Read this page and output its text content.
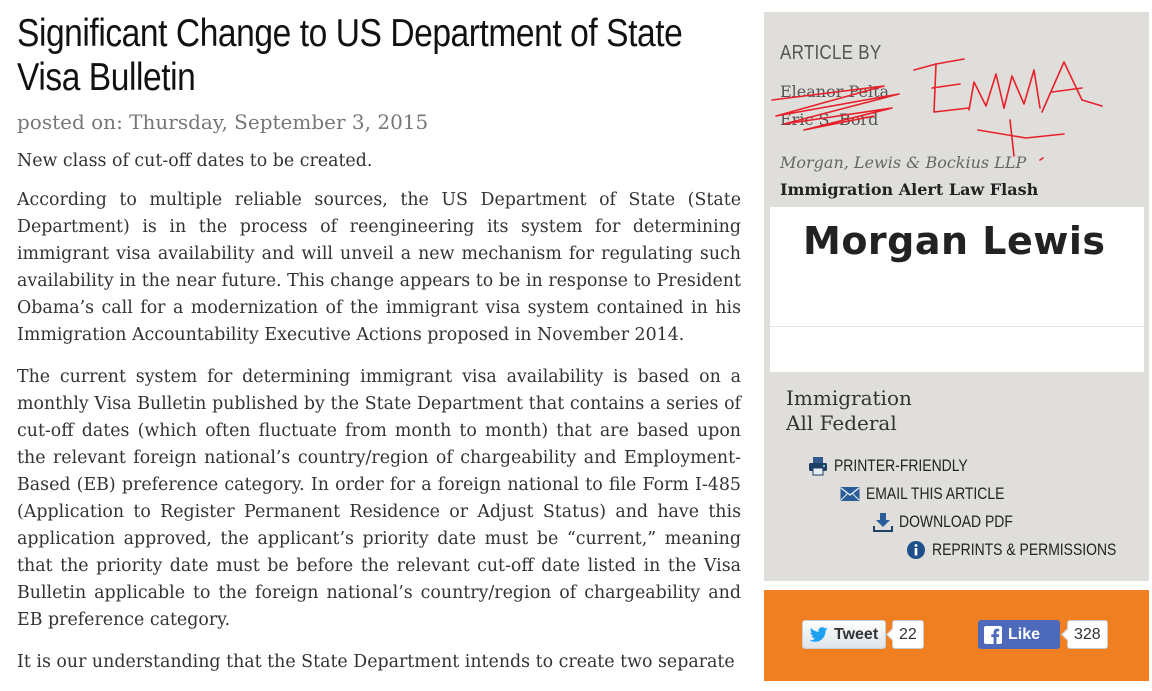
Significant Change to US Department of State Visa Bulletin
posted on: Thursday, September 3, 2015

New class of cut-off dates to be created.

According to multiple reliable sources, the US Department of State (State Department) is in the process of reengineering its system for determining immigrant visa availability and will unveil a new mechanism for regulating such availability in the near future. This change appears to be in response to President Obama’s call for a modernization of the immigrant visa system contained in his Immigration Accountability Executive Actions proposed in November 2014.

The current system for determining immigrant visa availability is based on a monthly Visa Bulletin published by the State Department that contains a series of cut-off dates (which often fluctuate from month to month) that are based upon the relevant foreign national’s country/region of chargeability and Employment-Based (EB) preference category. In order for a foreign national to file Form I-485 (Application to Register Permanent Residence or Adjust Status) and have this application approved, the applicant’s priority date must be “current,” meaning that the priority date must be before the relevant cut-off date listed in the Visa Bulletin applicable to the foreign national’s country/region of chargeability and EB preference category.

It is our understanding that the State Department intends to create two separate

ARTICLE BY
Eleanor Pelta
Eric S. Bord
Morgan, Lewis & Bockius LLP
Immigration Alert Law Flash
Morgan Lewis
Immigration
All Federal
PRINTER-FRIENDLY
EMAIL THIS ARTICLE
DOWNLOAD PDF
REPRINTS & PERMISSIONS
Tweet	22	Like	328
